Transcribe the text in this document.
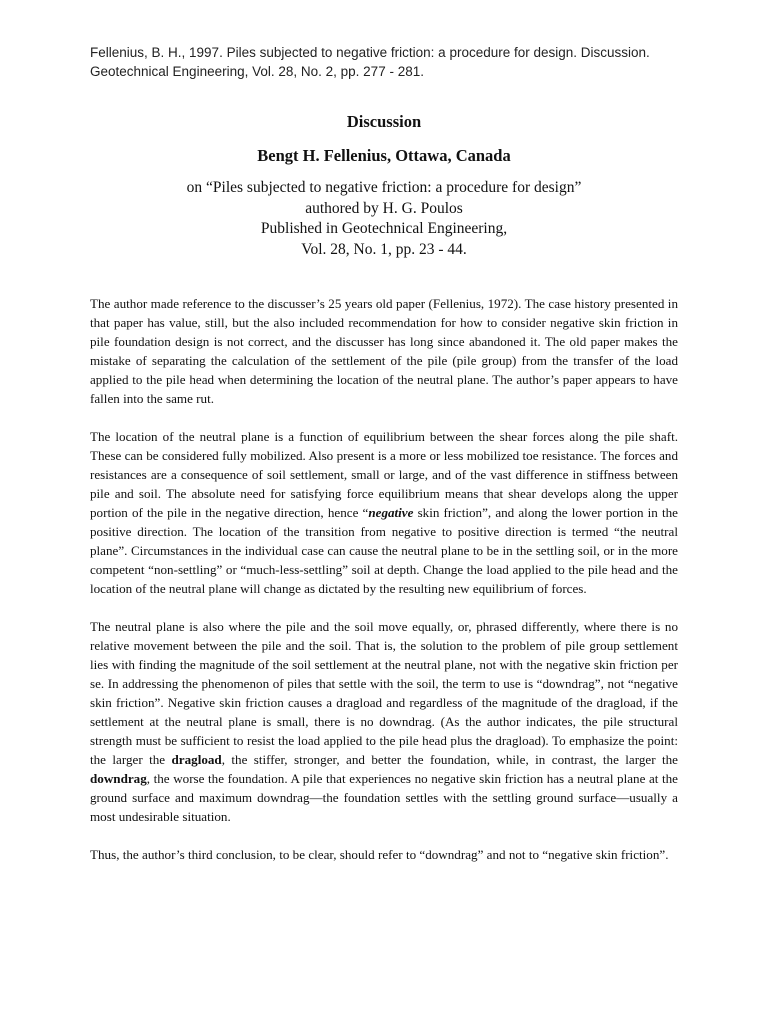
Fellenius, B. H., 1997. Piles subjected to negative friction: a procedure for design. Discussion.
Geotechnical Engineering, Vol. 28, No. 2, pp. 277 - 281.
Discussion
Bengt H. Fellenius, Ottawa, Canada
on “Piles subjected to negative friction: a procedure for design”
authored by H. G. Poulos
Published in Geotechnical Engineering,
Vol. 28, No. 1, pp. 23 - 44.

The author made reference to the discusser’s 25 years old paper (Fellenius, 1972). The case history presented in that paper has value, still, but the also included recommendation for how to consider negative skin friction in pile foundation design is not correct, and the discusser has long since abandoned it. The old paper makes the mistake of separating the calculation of the settlement of the pile (pile group) from the transfer of the load applied to the pile head when determining the location of the neutral plane. The author’s paper appears to have fallen into the same rut.

The location of the neutral plane is a function of equilibrium between the shear forces along the pile shaft. These can be considered fully mobilized. Also present is a more or less mobilized toe resistance. The forces and resistances are a consequence of soil settlement, small or large, and of the vast difference in stiffness between pile and soil. The absolute need for satisfying force equilibrium means that shear develops along the upper portion of the pile in the negative direction, hence “negative skin friction”, and along the lower portion in the positive direction. The location of the transition from negative to positive direction is termed “the neutral plane”. Circumstances in the individual case can cause the neutral plane to be in the settling soil, or in the more competent “non-settling” or “much-less-settling” soil at depth. Change the load applied to the pile head and the location of the neutral plane will change as dictated by the resulting new equilibrium of forces.

The neutral plane is also where the pile and the soil move equally, or, phrased differently, where there is no relative movement between the pile and the soil. That is, the solution to the problem of pile group settlement lies with finding the magnitude of the soil settlement at the neutral plane, not with the negative skin friction per se. In addressing the phenomenon of piles that settle with the soil, the term to use is “downdrag”, not “negative skin friction”. Negative skin friction causes a dragload and regardless of the magnitude of the dragload, if the settlement at the neutral plane is small, there is no downdrag. (As the author indicates, the pile structural strength must be sufficient to resist the load applied to the pile head plus the dragload). To emphasize the point: the larger the dragload, the stiffer, stronger, and better the foundation, while, in contrast, the larger the downdrag, the worse the foundation. A pile that experiences no negative skin friction has a neutral plane at the ground surface and maximum downdrag—the foundation settles with the settling ground surface—usually a most undesirable situation.

Thus, the author’s third conclusion, to be clear, should refer to “downdrag” and not to “negative skin friction”.
